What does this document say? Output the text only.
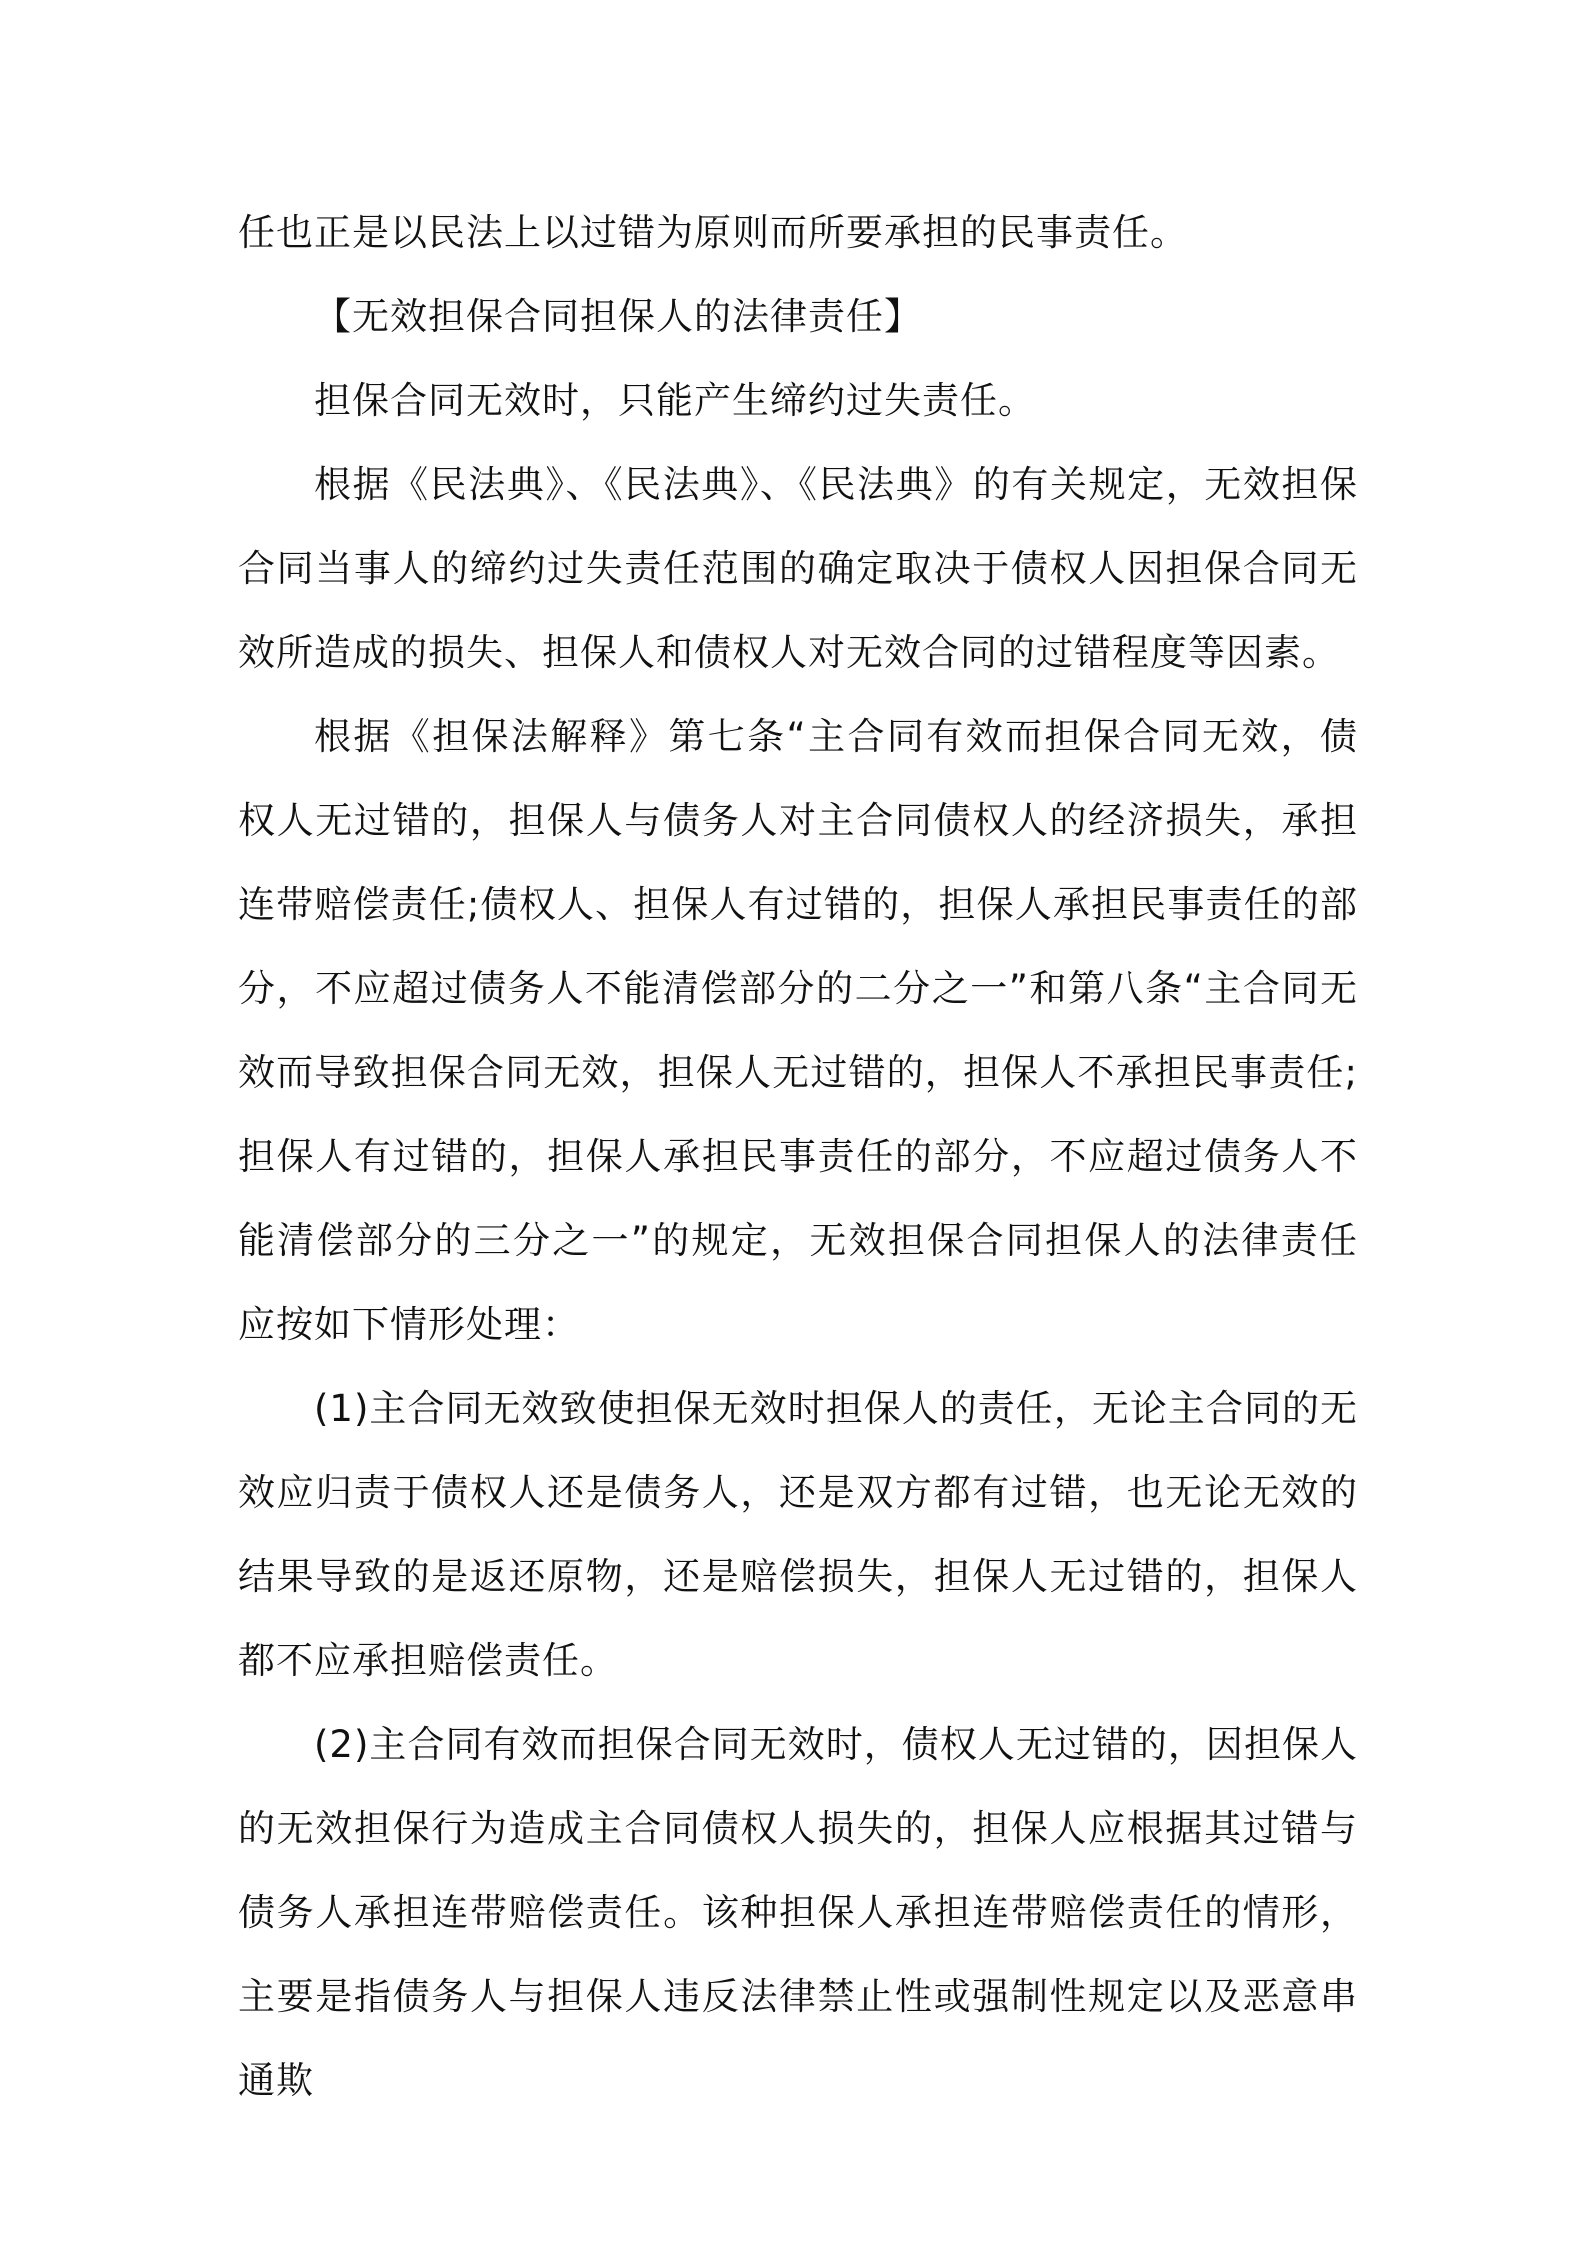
任也正是以民法上以过错为原则而所要承担的民事责任。

【无效担保合同担保人的法律责任】

担保合同无效时，只能产生缔约过失责任。

根据《民法典》、《民法典》、《民法典》的有关规定，无效担保合同当事人的缔约过失责任范围的确定取决于债权人因担保合同无效所造成的损失、担保人和债权人对无效合同的过错程度等因素。

根据《担保法解释》第七条“主合同有效而担保合同无效，债权人无过错的，担保人与债务人对主合同债权人的经济损失，承担连带赔偿责任;债权人、担保人有过错的，担保人承担民事责任的部分，不应超过债务人不能清偿部分的二分之一”和第八条“主合同无效而导致担保合同无效，担保人无过错的，担保人不承担民事责任;担保人有过错的，担保人承担民事责任的部分，不应超过债务人不能清偿部分的三分之一”的规定，无效担保合同担保人的法律责任应按如下情形处理：

(1)主合同无效致使担保无效时担保人的责任，无论主合同的无效应归责于债权人还是债务人，还是双方都有过错，也无论无效的结果导致的是返还原物，还是赔偿损失，担保人无过错的，担保人都不应承担赔偿责任。

(2)主合同有效而担保合同无效时，债权人无过错的，因担保人的无效担保行为造成主合同债权人损失的，担保人应根据其过错与债务人承担连带赔偿责任。该种担保人承担连带赔偿责任的情形，主要是指债务人与担保人违反法律禁止性或强制性规定以及恶意串通欺
